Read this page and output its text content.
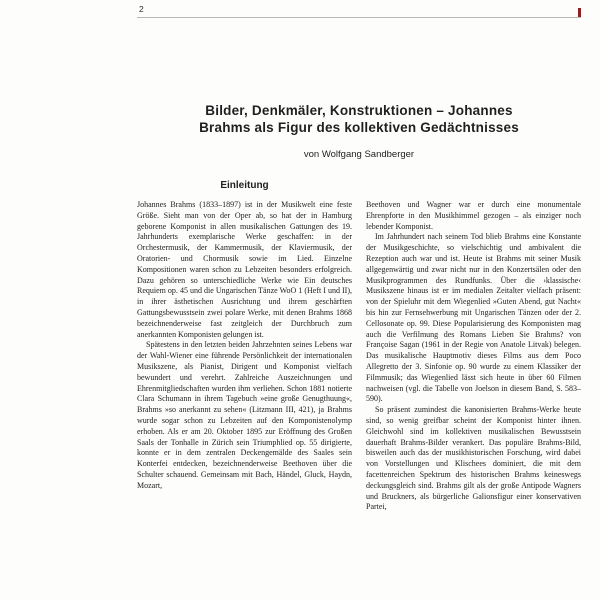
2
Bilder, Denkmäler, Konstruktionen – Johannes
Brahms als Figur des kollektiven Gedächtnisses
von Wolfgang Sandberger
Einleitung

Johannes Brahms (1833–1897) ist in der Musikwelt eine feste Größe. Sieht man von der Oper ab, so hat der in Hamburg geborene Komponist in allen musikalischen Gattungen des 19. Jahrhunderts exemplarische Werke geschaffen: in der Orchestermusik, der Kammermusik, der Klaviermusik, der Oratorien- und Chormusik sowie im Lied. Einzelne Kompositionen waren schon zu Lebzeiten besonders erfolgreich. Dazu gehören so unterschiedliche Werke wie Ein deutsches Requiem op. 45 und die Ungarischen Tänze WoO 1 (Heft I und II), in ihrer ästhetischen Ausrichtung und ihrem geschärften Gattungsbewusstsein zwei polare Werke, mit denen Brahms 1868 bezeichnenderweise fast zeitgleich der Durchbruch zum anerkannten Komponisten gelungen ist.

Spätestens in den letzten beiden Jahrzehnten seines Lebens war der Wahl-Wiener eine führende Persönlichkeit der internationalen Musikszene, als Pianist, Dirigent und Komponist vielfach bewundert und verehrt. Zahlreiche Auszeichnungen und Ehrenmitgliedschaften wurden ihm verliehen. Schon 1881 notierte Clara Schumann in ihrem Tagebuch »eine große Genugthuung«, Brahms »so anerkannt zu sehen« (Litzmann III, 421), ja Brahms wurde sogar schon zu Lebzeiten auf den Komponistenolymp erhoben. Als er am 20. Oktober 1895 zur Eröffnung des Großen Saals der Tonhalle in Zürich sein Triumphlied op. 55 dirigierte, konnte er in dem zentralen Deckengemälde des Saales sein Konterfei entdecken, bezeichnenderweise Beethoven über die Schulter schauend. Gemeinsam mit Bach, Händel, Gluck, Haydn, Mozart,

Beethoven und Wagner war er durch eine monumentale Ehrenpforte in den Musikhimmel gezogen – als einziger noch lebender Komponist.

Im Jahrhundert nach seinem Tod blieb Brahms eine Konstante der Musikgeschichte, so vielschichtig und ambivalent die Rezeption auch war und ist. Heute ist Brahms mit seiner Musik allgegenwärtig und zwar nicht nur in den Konzertsälen oder den Musikprogrammen des Rundfunks. Über die ›klassische‹ Musikszene hinaus ist er im medialen Zeitalter vielfach präsent: von der Spieluhr mit dem Wiegenlied »Guten Abend, gut Nacht« bis hin zur Fernsehwerbung mit Ungarischen Tänzen oder der 2. Cellosonate op. 99. Diese Popularisierung des Komponisten mag auch die Verfilmung des Romans Lieben Sie Brahms? von Françoise Sagan (1961 in der Regie von Anatole Litvak) belegen. Das musikalische Hauptmotiv dieses Films aus dem Poco Allegretto der 3. Sinfonie op. 90 wurde zu einem Klassiker der Filmmusik; das Wiegenlied lässt sich heute in über 60 Filmen nachweisen (vgl. die Tabelle von Joelson in diesem Band, S. 583–590).

So präsent zumindest die kanonisierten Brahms-Werke heute sind, so wenig greifbar scheint der Komponist hinter ihnen. Gleichwohl sind im kollektiven musikalischen Bewusstsein dauerhaft Brahms-Bilder verankert. Das populäre Brahms-Bild, bisweilen auch das der musikhistorischen Forschung, wird dabei von Vorstellungen und Klischees dominiert, die mit dem facettenreichen Spektrum des historischen Brahms keineswegs deckungsgleich sind. Brahms gilt als der große Antipode Wagners und Bruckners, als bürgerliche Galionsfigur einer konservativen Partei,
